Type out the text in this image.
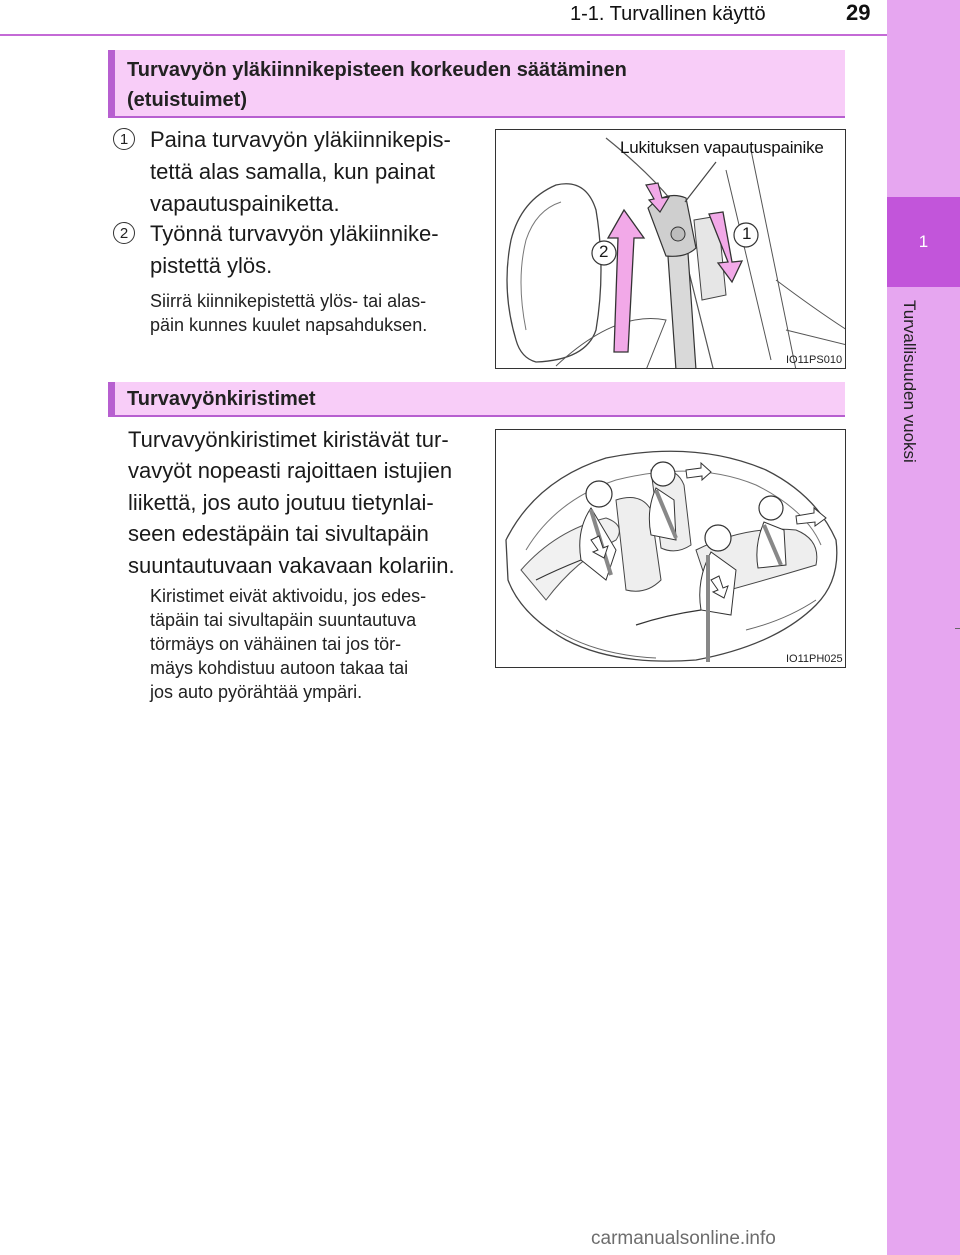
1-1. Turvallinen käyttö	29
1
Turvallisuuden vuoksi
Turvavyön yläkiinnikepisteen korkeuden säätäminen
(etuistuimet)
1 Paina turvavyön yläkiinnikepis-
tettä alas samalla, kun painat
vapautuspainiketta.
2 Työnnä turvavyön yläkiinnike-
pistettä ylös.
Siirrä kiinnikepistettä ylös- tai alas-
päin kunnes kuulet napsahduksen.
Lukituksen vapautuspainike
2
1
IO11PS010
Turvavyönkiristimet
Turvavyönkiristimet kiristävät tur-
vavyöt nopeasti rajoittaen istujien
liikettä, jos auto joutuu tietynlai-
seen edestäpäin tai sivultapäin
suuntautuvaan vakavaan kolariin.
Kiristimet eivät aktivoidu, jos edes-
täpäin tai sivultapäin suuntautuva
törmäys on vähäinen tai jos tör-
mäys kohdistuu autoon takaa tai
jos auto pyörähtää ympäri.
IO11PH025
carmanualsonline.info
